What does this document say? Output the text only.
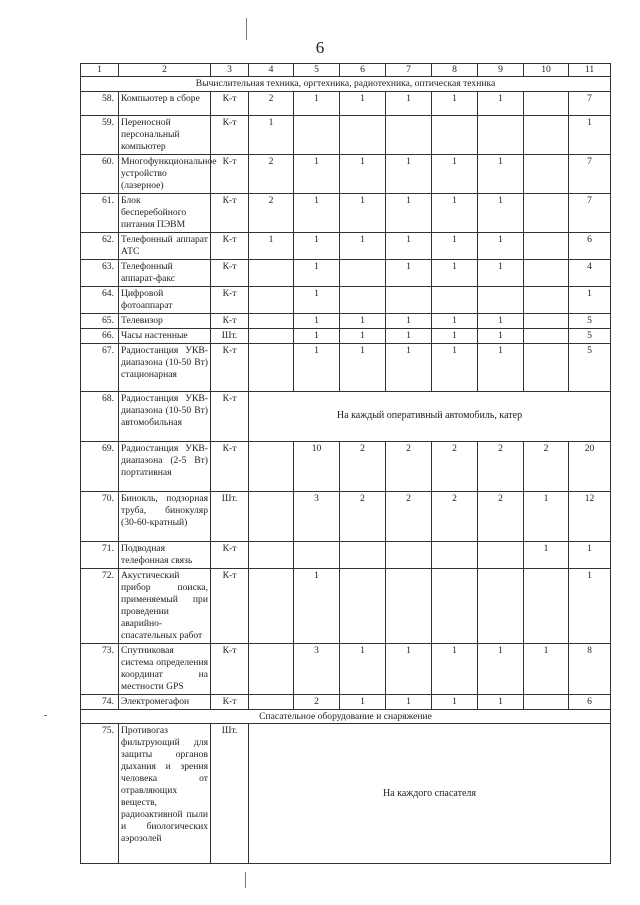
6
1	2	3	4	5	6	7	8	9	10	11
Вычислительная техника, оргтехника, радиотехника, оптическая техника										
58.	Компьютер в сборе	К-т	2	1	1	1	1	1		7
59.	Переносной персональный компьютер	К-т	1							1
60.	Многофункциональное устройство (лазерное)	К-т	2	1	1	1	1	1		7
61.	Блок бесперебойного питания ПЭВМ	К-т	2	1	1	1	1	1		7
62.	Телефонный аппарат АТС	К-т	1	1	1	1	1	1		6
63.	Телефонный аппарат-факс	К-т		1		1	1	1		4
64.	Цифровой фотоаппарат	К-т		1						1
65.	Телевизор	К-т		1	1	1	1	1		5
66.	Часы настенные	Шт.		1	1	1	1	1		5
67.	Радиостанция УКВ-диапазона (10-50 Вт) стационарная	К-т		1	1	1	1	1		5
68.	Радиостанция УКВ-диапазона (10-50 Вт) автомобильная	К-т	На каждый оперативный автомобиль, катер							
69.	Радиостанция УКВ-диапазона (2-5 Вт) портативная	К-т		10	2	2	2	2	2	20
70.	Бинокль, подзорная труба, бинокуляр (30-60-кратный)	Шт.		3	2	2	2	2	1	12
71.	Подводная телефонная связь	К-т							1	1
72.	Акустический прибор поиска, применяемый при проведении аварийно-спасательных работ	К-т		1						1
73.	Спутниковая система определения координат на местности GPS	К-т		3	1	1	1	1	1	8
74.	Электромегафон	К-т		2	1	1	1	1		6
Спасательное оборудование и снаряжение										
75.	Противогаз фильтрующий для защиты органов дыхания и зрения человека от отравляющих веществ, радиоактивной пыли и биологических аэрозолей	Шт.	На каждого спасателя							
